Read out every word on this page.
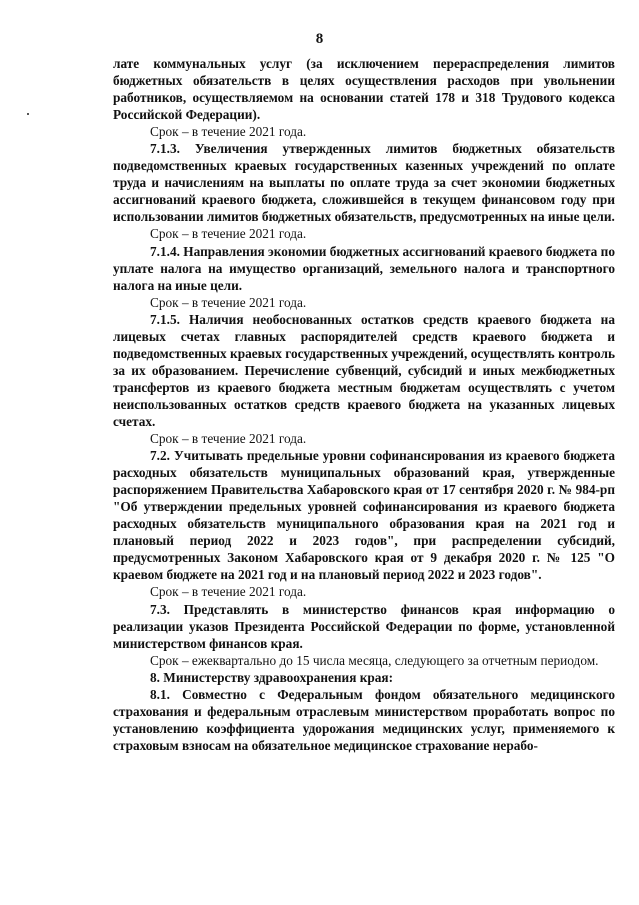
8

лате коммунальных услуг (за исключением перераспределения лимитов бюджетных обязательств в целях осуществления расходов при увольнении работников, осуществляемом на основании статей 178 и 318 Трудового кодекса Российской Федерации).

Срок – в течение 2021 года.

7.1.3. Увеличения утвержденных лимитов бюджетных обязательств подведомственных краевых государственных казенных учреждений по оплате труда и начислениям на выплаты по оплате труда за счет экономии бюджетных ассигнований краевого бюджета, сложившейся в текущем финансовом году при использовании лимитов бюджетных обязательств, предусмотренных на иные цели.

Срок – в течение 2021 года.

7.1.4. Направления экономии бюджетных ассигнований краевого бюджета по уплате налога на имущество организаций, земельного налога и транспортного налога на иные цели.

Срок – в течение 2021 года.

7.1.5. Наличия необоснованных остатков средств краевого бюджета на лицевых счетах главных распорядителей средств краевого бюджета и подведомственных краевых государственных учреждений, осуществлять контроль за их образованием. Перечисление субвенций, субсидий и иных межбюджетных трансфертов из краевого бюджета местным бюджетам осуществлять с учетом неиспользованных остатков средств краевого бюджета на указанных лицевых счетах.

Срок – в течение 2021 года.

7.2. Учитывать предельные уровни софинансирования из краевого бюджета расходных обязательств муниципальных образований края, утвержденные распоряжением Правительства Хабаровского края от 17 сентября 2020 г. № 984-рп "Об утверждении предельных уровней софинансирования из краевого бюджета расходных обязательств муниципального образования края на 2021 год и плановый период 2022 и 2023 годов", при распределении субсидий, предусмотренных Законом Хабаровского края от 9 декабря 2020 г. № 125 "О краевом бюджете на 2021 год и на плановый период 2022 и 2023 годов".

Срок – в течение 2021 года.

7.3. Представлять в министерство финансов края информацию о реализации указов Президента Российской Федерации по форме, установленной министерством финансов края.

Срок – ежеквартально до 15 числа месяца, следующего за отчетным периодом.

8. Министерству здравоохранения края:

8.1. Совместно с Федеральным фондом обязательного медицинского страхования и федеральным отраслевым министерством проработать вопрос по установлению коэффициента удорожания медицинских услуг, применяемого к страховым взносам на обязательное медицинское страхование нерабо-
